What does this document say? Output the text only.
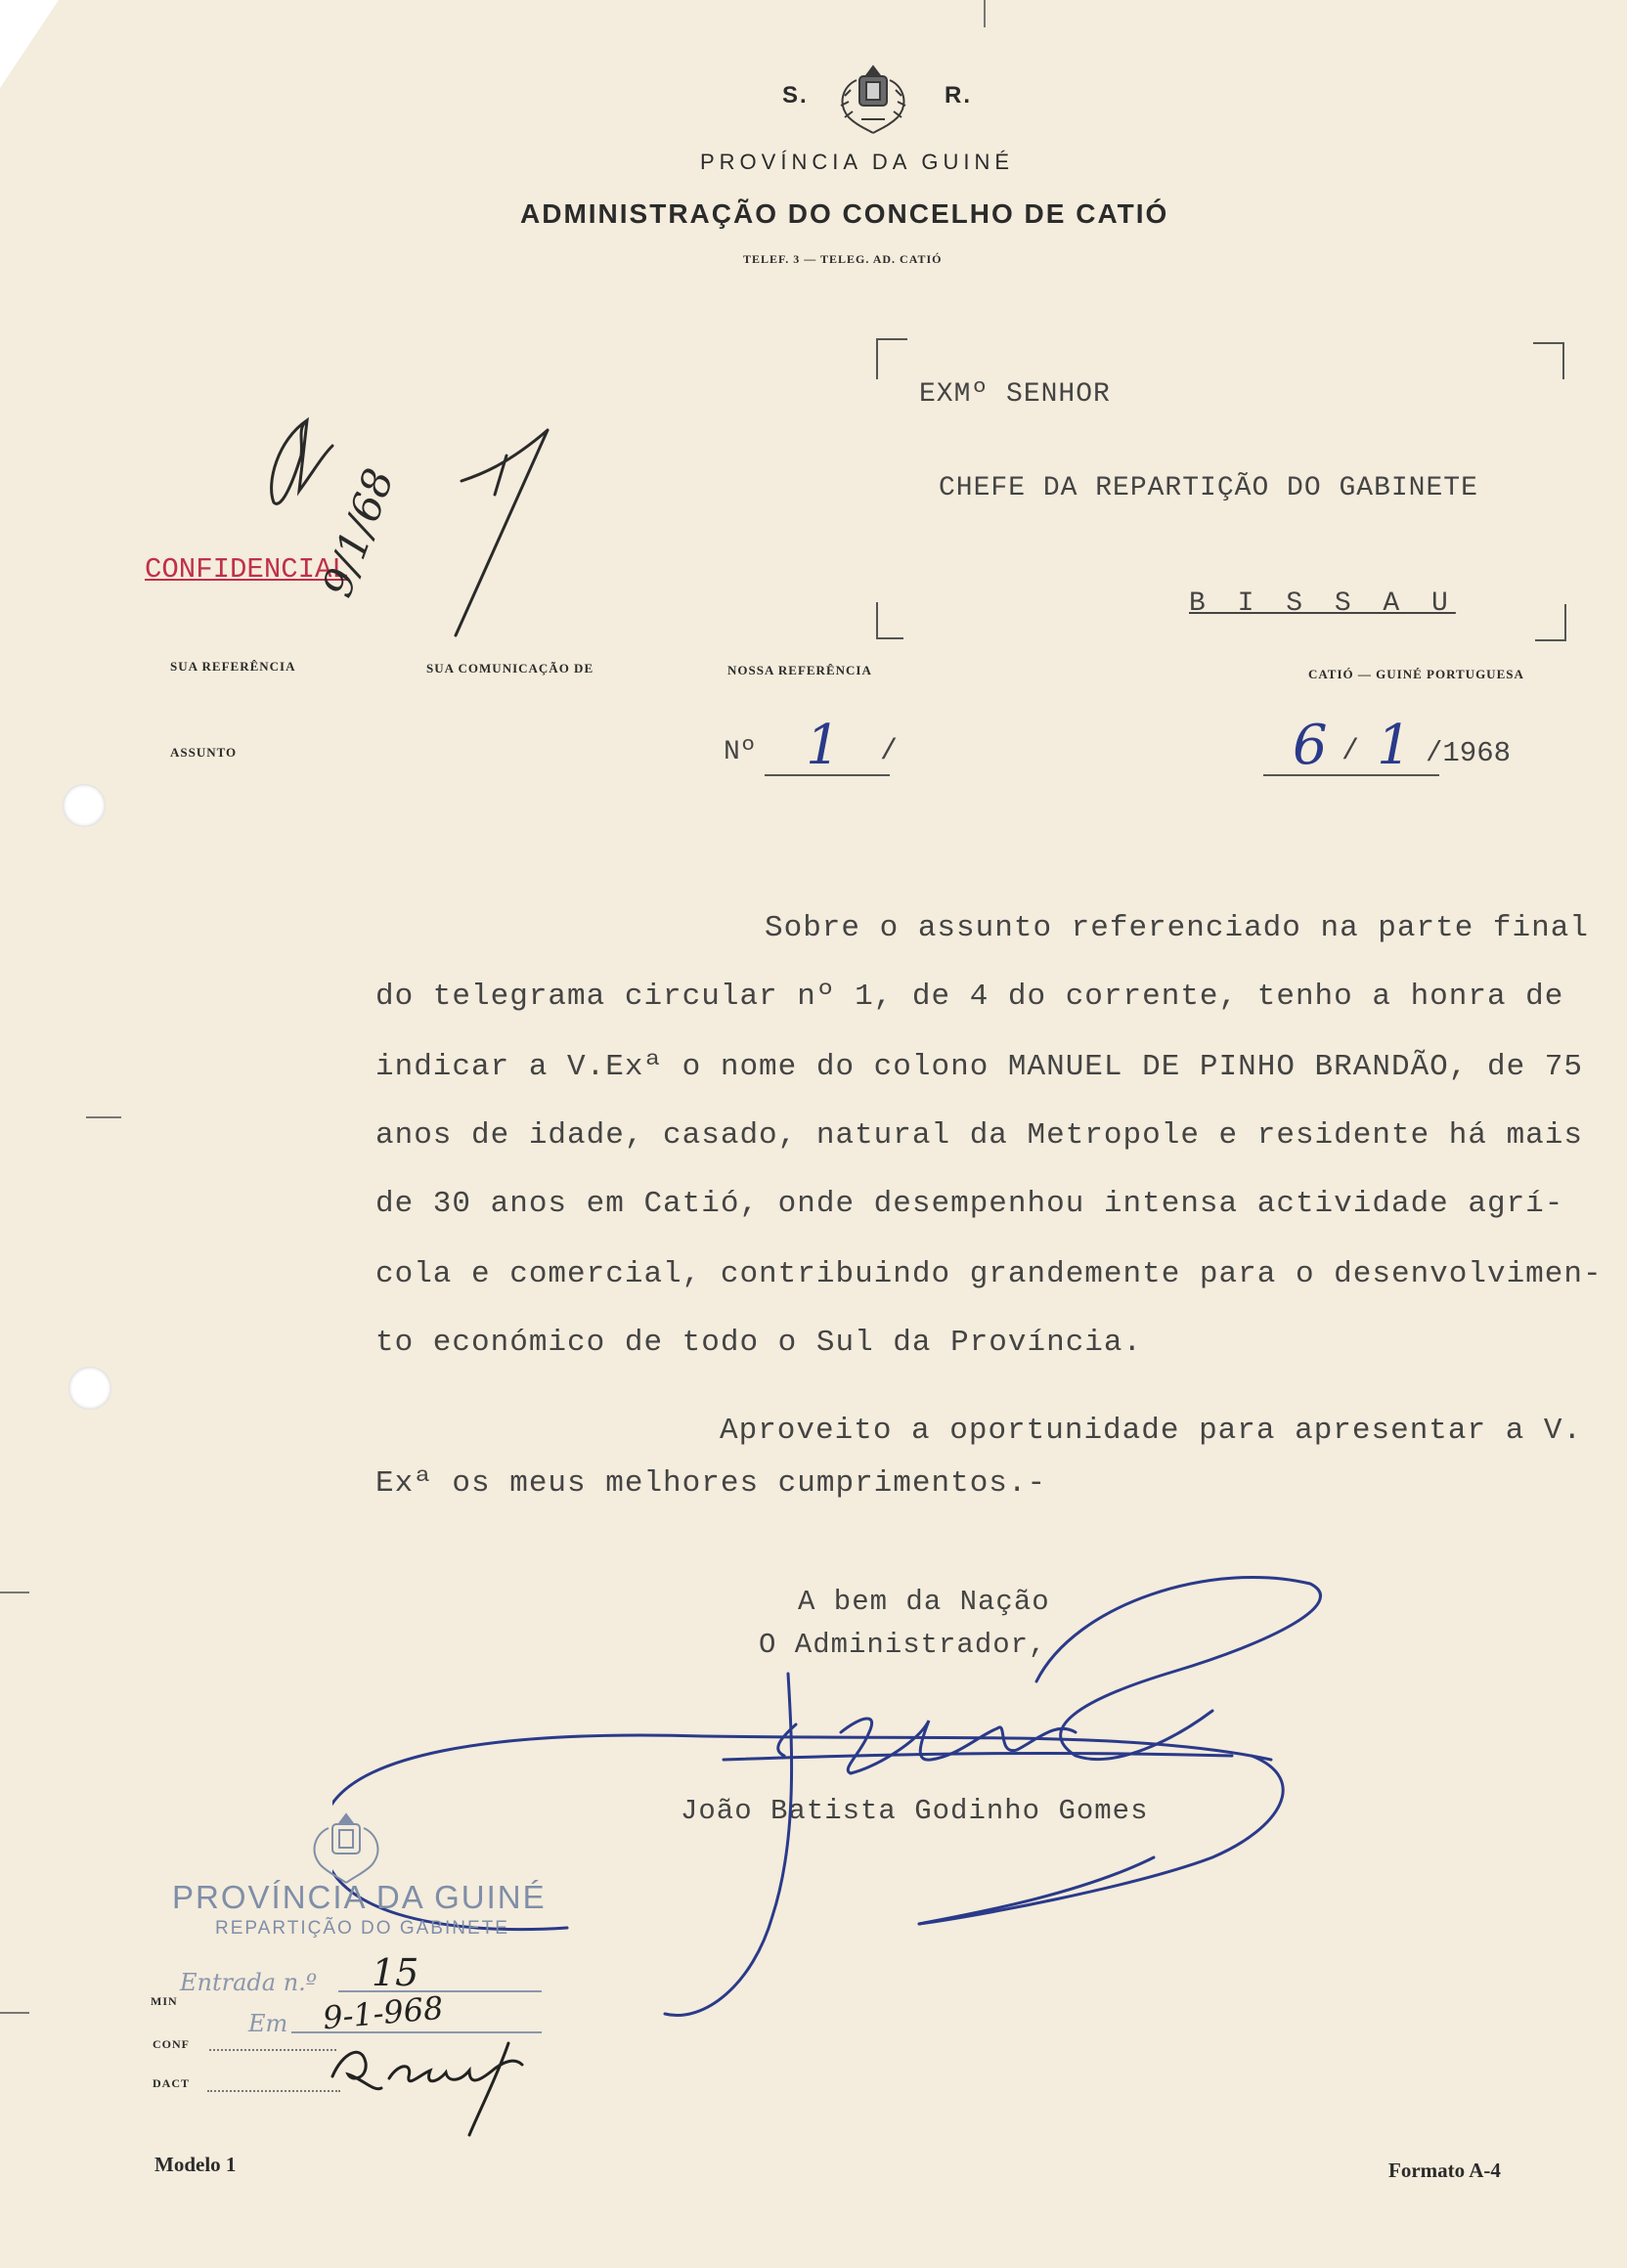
S.	R.
PROVÍNCIA DA GUINÉ
ADMINISTRAÇÃO DO CONCELHO DE CATIÓ
TELEF. 3 — TELEG. AD. CATIÓ
EXMº SENHOR
CHEFE DA REPARTIÇÃO DO GABINETE
B I S S A U
CONFIDENCIAL
9/1/68
SUA REFERÊNCIA	SUA COMUNICAÇÃO DE	NOSSA REFERÊNCIA	CATIÓ — GUINÉ PORTUGUESA
ASSUNTO	Nº 1 /	6 / 1 /1968
Sobre o assunto referenciado na parte final
do telegrama circular nº 1, de 4 do corrente, tenho a honra de
indicar a V.Exª o nome do colono MANUEL DE PINHO BRANDÃO, de 75
anos de idade, casado, natural da Metropole e residente há mais
de 30 anos em Catió, onde desempenhou intensa actividade agrí-
cola e comercial, contribuindo grandemente para o desenvolvimen-
to económico de todo o Sul da Província.
Aproveito a oportunidade para apresentar a V.
Exª os meus melhores cumprimentos.-
A bem da Nação
O Administrador,
João Batista Godinho Gomes
PROVÍNCIA DA GUINÉ
REPARTIÇÃO DO GABINETE
Entrada n.º 15
Em 9-1-968
MIN
CONF
DACT
Modelo 1	Formato A-4
